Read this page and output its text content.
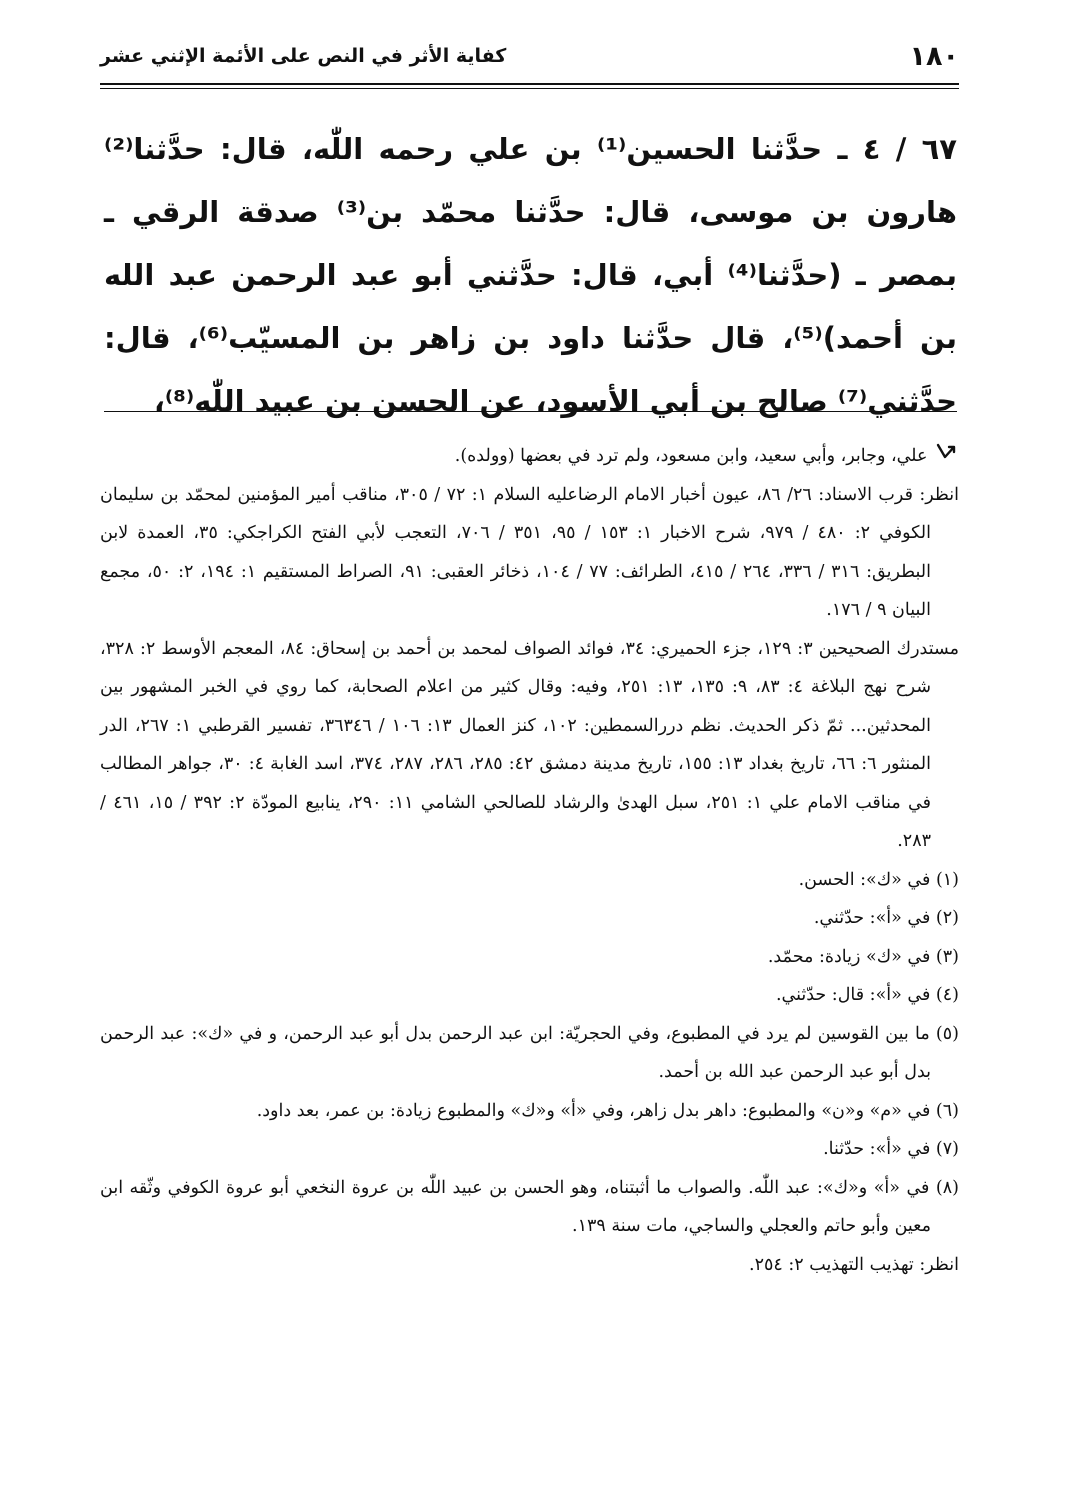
١٨٠
كفاية الأثر في النص على الأئمة الإثني عشر
٦٧ / ٤ ـ حدَّثنا الحسين⁽¹⁾ بن علي رحمه اللّٰه، قال: حدَّثنا⁽²⁾ هارون بن موسى، قال: حدَّثنا محمّد بن⁽³⁾ صدقة الرقي ـ بمصر ـ (حدَّثنا⁽⁴⁾ أبي، قال: حدَّثني أبو عبد الرحمن عبد الله بن أحمد)⁽⁵⁾، قال حدَّثنا داود بن زاهر بن المسيّب⁽⁶⁾، قال: حدَّثني⁽⁷⁾ صالح بن أبي الأسود، عن الحسن بن عبيد اللّٰه⁽⁸⁾،

علي، وجابر، وأبي سعيد، وابن مسعود، ولم ترد في بعضها (وولده).

انظر: قرب الاسناد: ٢٦/ ٨٦، عيون أخبار الامام الرضاعليه السلام ١: ٧٢ / ٣٠٥، مناقب أمير المؤمنين لمحمّد بن سليمان الكوفي ٢: ٤٨٠ / ٩٧٩، شرح الاخبار ١: ١٥٣ / ٩٥، ٣٥١ / ٧٠٦، التعجب لأبي الفتح الكراجكي: ٣٥، العمدة لابن البطريق: ٣١٦ / ٣٣٦، ٢٦٤ / ٤١٥، الطرائف: ٧٧ / ١٠٤، ذخائر العقبى: ٩١، الصراط المستقيم ١: ١٩٤، ٢: ٥٠، مجمع البيان ٩ / ١٧٦.

مستدرك الصحيحين ٣: ١٢٩، جزء الحميري: ٣٤، فوائد الصواف لمحمد بن أحمد بن إسحاق: ٨٤، المعجم الأوسط ٢: ٣٢٨، شرح نهج البلاغة ٤: ٨٣، ٩: ١٣٥، ١٣: ٢٥١، وفيه: وقال كثير من اعلام الصحابة، كما روي في الخبر المشهور بين المحدثين... ثمّ ذكر الحديث. نظم دررالسمطين: ١٠٢، كنز العمال ١٣: ١٠٦ / ٣٦٣٤٦، تفسير القرطبي ١: ٢٦٧، الدر المنثور ٦: ٦٦، تاريخ بغداد ١٣: ١٥٥، تاريخ مدينة دمشق ٤٢: ٢٨٥، ٢٨٦، ٢٨٧، ٣٧٤، اسد الغابة ٤: ٣٠، جواهر المطالب في مناقب الامام علي ١: ٢٥١، سبل الهدىٰ والرشاد للصالحي الشامي ١١: ٢٩٠، ينابيع المودّة ٢: ٣٩٢ / ١٥، ٤٦١ / ٢٨٣.

(١) في «ك»: الحسن.

(٢) في «أ»: حدّثني.

(٣) في «ك» زيادة: محمّد.

(٤) في «أ»: قال: حدّثني.

(٥) ما بين القوسين لم يرد في المطبوع، وفي الحجريّة: ابن عبد الرحمن بدل أبو عبد الرحمن، و في «ك»: عبد الرحمن بدل أبو عبد الرحمن عبد الله بن أحمد.

(٦) في «م» و«ن» والمطبوع: داهر بدل زاهر، وفي «أ» و«ك» والمطبوع زيادة: بن عمر، بعد داود.

(٧) في «أ»: حدّثنا.

(٨) في «أ» و«ك»: عبد اللّٰه. والصواب ما أثبتناه، وهو الحسن بن عبيد اللّٰه بن عروة النخعي أبو عروة الكوفي وثّقه ابن معين وأبو حاتم والعجلي والساجي، مات سنة ١٣٩.

انظر: تهذيب التهذيب ٢: ٢٥٤.
